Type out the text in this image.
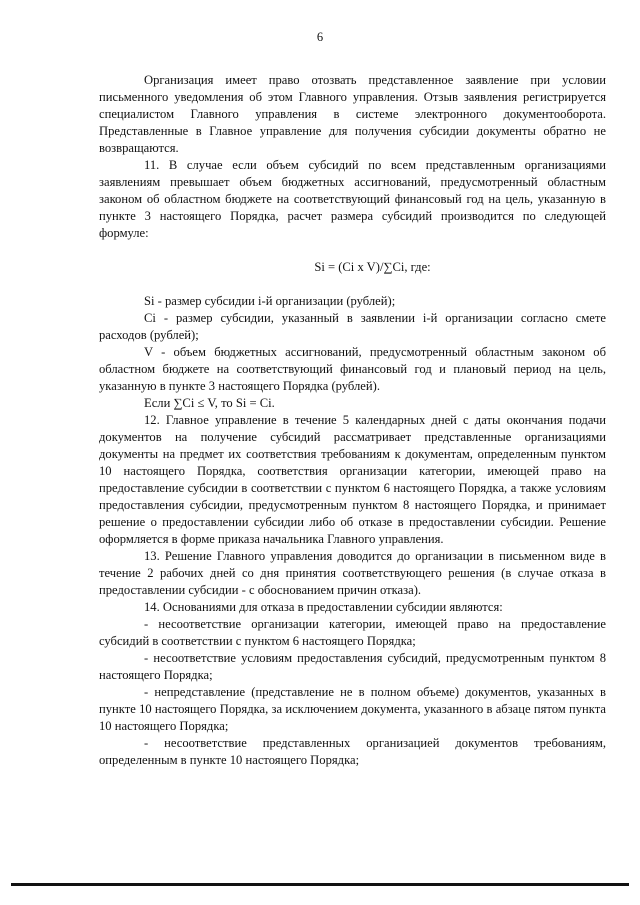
6

Организация имеет право отозвать представленное заявление при условии письменного уведомления об этом Главного управления. Отзыв заявления регистрируется специалистом Главного управления в системе электронного документооборота. Представленные в Главное управление для получения субсидии документы обратно не возвращаются.

11. В случае если объем субсидий по всем представленным организациями заявлениям превышает объем бюджетных ассигнований, предусмотренный областным законом об областном бюджете на соответствующий финансовый год на цель, указанную в пункте 3 настоящего Порядка, расчет размера субсидий производится по следующей формуле:

Si = (Ci x V)/∑Ci, где:

Si - размер субсидии i-й организации (рублей);

Ci - размер субсидии, указанный в заявлении i-й организации согласно смете расходов (рублей);

V - объем бюджетных ассигнований, предусмотренный областным законом об областном бюджете на соответствующий финансовый год и плановый период на цель, указанную в пункте 3 настоящего Порядка (рублей).

Если ∑Ci ≤ V, то Si = Ci.

12. Главное управление в течение 5 календарных дней с даты окончания подачи документов на получение субсидий рассматривает представленные организациями документы на предмет их соответствия требованиям к документам, определенным пунктом 10 настоящего Порядка, соответствия организации категории, имеющей право на предоставление субсидии в соответствии с пунктом 6 настоящего Порядка, а также условиям предоставления субсидии, предусмотренным пунктом 8 настоящего Порядка, и принимает решение о предоставлении субсидии либо об отказе в предоставлении субсидии. Решение оформляется в форме приказа начальника Главного управления.

13. Решение Главного управления доводится до организации в письменном виде в течение 2 рабочих дней со дня принятия соответствующего решения (в случае отказа в предоставлении субсидии - с обоснованием причин отказа).

14. Основаниями для отказа в предоставлении субсидии являются:

- несоответствие организации категории, имеющей право на предоставление субсидий в соответствии с пунктом 6 настоящего Порядка;

- несоответствие условиям предоставления субсидий, предусмотренным пунктом 8 настоящего Порядка;

- непредставление (представление не в полном объеме) документов, указанных в пункте 10 настоящего Порядка, за исключением документа, указанного в абзаце пятом пункта 10 настоящего Порядка;

- несоответствие представленных организацией документов требованиям, определенным в пункте 10 настоящего Порядка;
